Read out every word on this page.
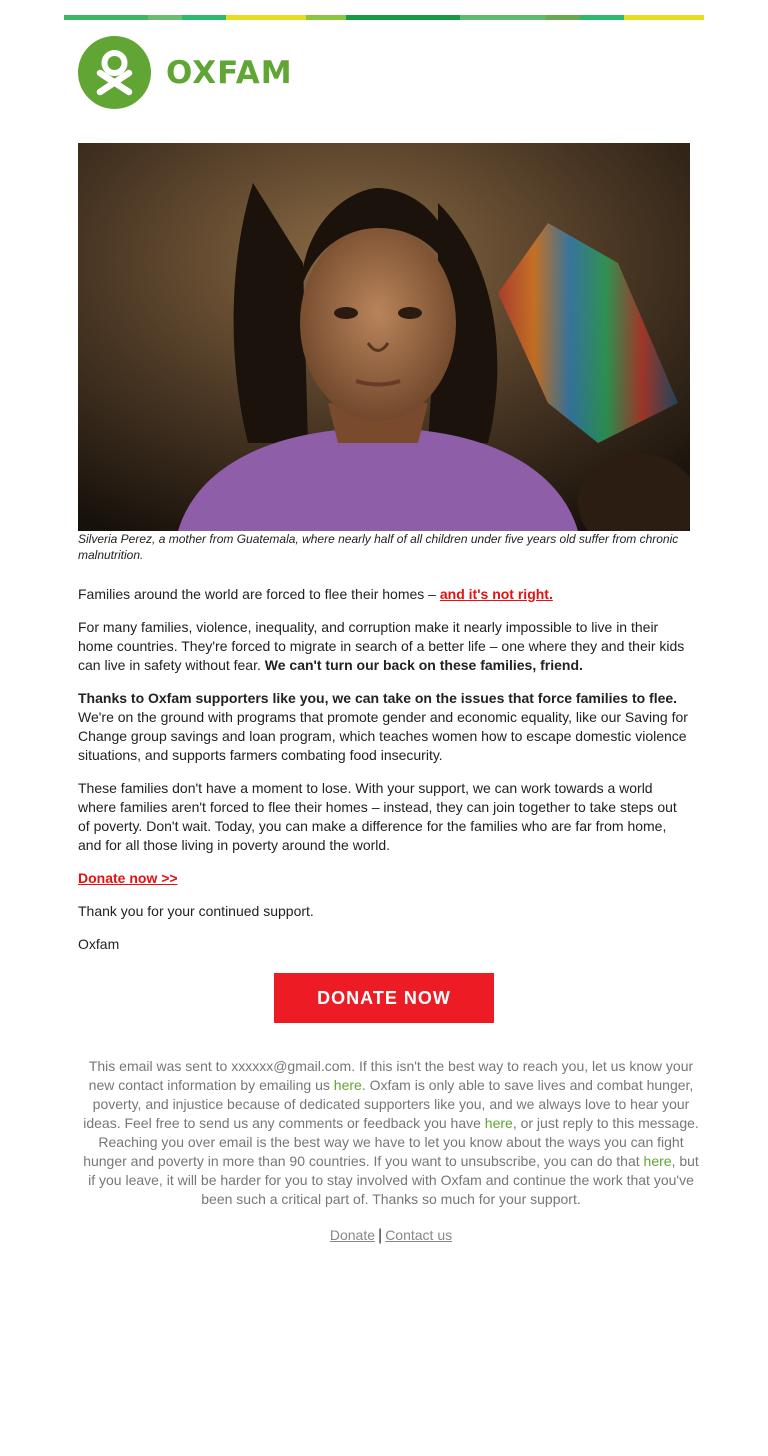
OXFAM
Silveria Perez, a mother from Guatemala, where nearly half of all children under five years old suffer from chronic malnutrition.

Families around the world are forced to flee their homes – and it's not right.

For many families, violence, inequality, and corruption make it nearly impossible to live in their home countries. They're forced to migrate in search of a better life – one where they and their kids can live in safety without fear. We can't turn our back on these families, friend.

Thanks to Oxfam supporters like you, we can take on the issues that force families to flee. We're on the ground with programs that promote gender and economic equality, like our Saving for Change group savings and loan program, which teaches women how to escape domestic violence situations, and supports farmers combating food insecurity.

These families don't have a moment to lose. With your support, we can work towards a world where families aren't forced to flee their homes – instead, they can join together to take steps out of poverty. Don't wait. Today, you can make a difference for the families who are far from home, and for all those living in poverty around the world.

Donate now >>

Thank you for your continued support.

Oxfam

DONATE NOW
This email was sent to xxxxxx@gmail.com. If this isn't the best way to reach you, let us know your new contact information by emailing us here. Oxfam is only able to save lives and combat hunger, poverty, and injustice because of dedicated supporters like you, and we always love to hear your ideas. Feel free to send us any comments or feedback you have here, or just reply to this message. Reaching you over email is the best way we have to let you know about the ways you can fight hunger and poverty in more than 90 countries. If you want to unsubscribe, you can do that here, but if you leave, it will be harder for you to stay involved with Oxfam and continue the work that you've been such a critical part of. Thanks so much for your support.
Donate | Contact us
